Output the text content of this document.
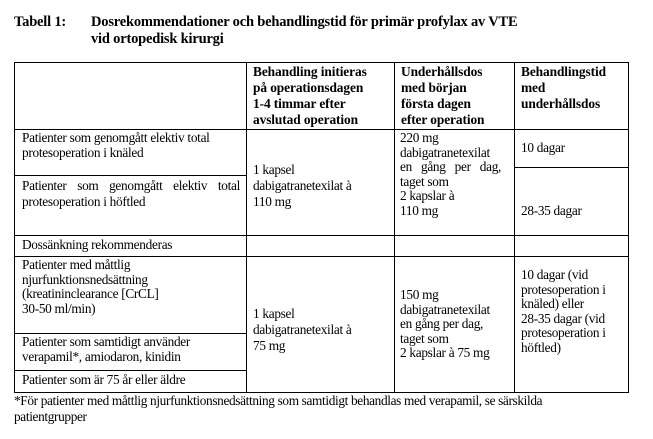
Tabell 1: Dosrekommendationer och behandlingstid för primär profylax av VTE
vid ortopedisk kirurgi
Behandling initieras
på operationsdagen
1-4 timmar efter
avslutad operation
Underhållsdos
med början
första dagen
efter operation
Behandlingstid
med
underhållsdos
Patienter som genomgått elektiv total protesoperation i knäled
Patienter som genomgått elektiv total protesoperation i höftled
1 kapsel
dabigatranetexilat à
110 mg
220 mg
dabigatranetexilat
en gång per dag,
taget som
2 kapslar à
110 mg
10 dagar
28-35 dagar
Dossänkning rekommenderas
Patienter med måttlig
njurfunktionsnedsättning
(kreatininclearance [CrCL]
30-50 ml/min)
Patienter som samtidigt använder
verapamil*, amiodaron, kinidin
Patienter som är 75 år eller äldre
1 kapsel
dabigatranetexilat à
75 mg
150 mg
dabigatranetexilat
en gång per dag,
taget som
2 kapslar à 75 mg
10 dagar (vid
protesoperation i
knäled) eller
28-35 dagar (vid
protesoperation i
höftled)
*För patienter med måttlig njurfunktionsnedsättning som samtidigt behandlas med verapamil, se särskilda
patientgrupper
